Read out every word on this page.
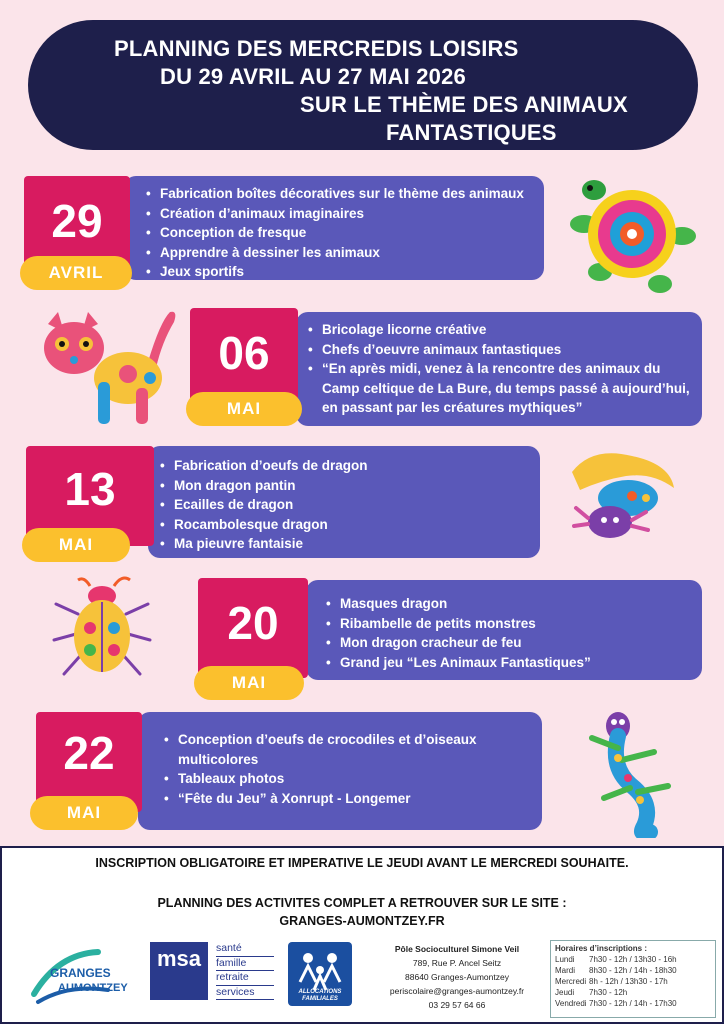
PLANNING DES MERCREDIS LOISIRS
DU 29 AVRIL AU 27 MAI 2026
SUR LE THÈME DES ANIMAUX
FANTASTIQUES
• Fabrication boîtes décoratives sur le thème des animaux
• Création d’animaux imaginaires
• Conception de fresque
• Apprendre à dessiner les animaux
• Jeux sportifs
29
AVRIL
• Bricolage licorne créative
• Chefs d’oeuvre animaux fantastiques
• “En après midi, venez à la rencontre des animaux du
Camp celtique de La Bure, du temps passé à aujourd’hui,
en passant par les créatures mythiques”
06
MAI
• Fabrication d’oeufs de dragon
• Mon dragon pantin
• Ecailles de dragon
• Rocambolesque dragon
• Ma pieuvre fantaisie
13
MAI
• Masques dragon
• Ribambelle de petits monstres
• Mon dragon cracheur de feu
• Grand jeu “Les Animaux Fantastiques”
20
MAI
• Conception d’oeufs de crocodiles et d’oiseaux
multicolores
• Tableaux photos
• “Fête du Jeu” à Xonrupt - Longemer
22
MAI
INSCRIPTION OBLIGATOIRE ET IMPERATIVE LE JEUDI AVANT LE MERCREDI SOUHAITE.
PLANNING DES ACTIVITES COMPLET A RETROUVER SUR LE SITE :
GRANGES-AUMONTZEY.FR
GRANGES
AUMONTZEY
msa	santé
famille
retraite
services	ALLOCATIONS FAMILIALES
Pôle Socioculturel Simone Veil
789, Rue P. Ancel Seitz
88640 Granges-Aumontzey
periscolaire@granges-aumontzey.fr
03 29 57 64 66
Horaires d’inscriptions :
Lundi	7h30 - 12h / 13h30 - 16h
Mardi	8h30 - 12h / 14h - 18h30
Mercredi 8h - 12h / 13h30 - 17h
Jeudi	7h30 - 12h
Vendredi 7h30 - 12h / 14h - 17h30
